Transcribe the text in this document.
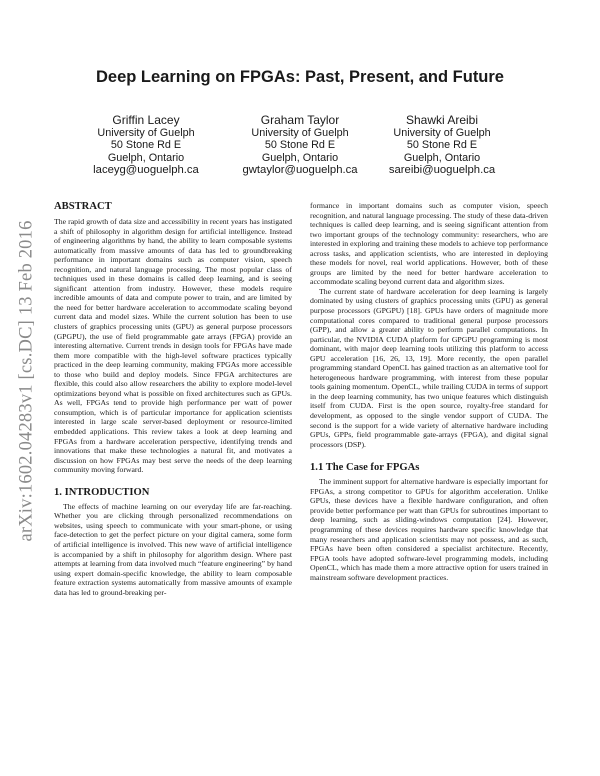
arXiv:1602.04283v1 [cs.DC] 13 Feb 2016
Deep Learning on FPGAs: Past, Present, and Future
Griffin Lacey
University of Guelph
50 Stone Rd E
Guelph, Ontario
laceyg@uoguelph.ca
Graham Taylor
University of Guelph
50 Stone Rd E
Guelph, Ontario
gwtaylor@uoguelph.ca
Shawki Areibi
University of Guelph
50 Stone Rd E
Guelph, Ontario
sareibi@uoguelph.ca
ABSTRACT

The rapid growth of data size and accessibility in recent years has instigated a shift of philosophy in algorithm design for artificial intelligence. Instead of engineering algorithms by hand, the ability to learn composable systems automatically from massive amounts of data has led to groundbreaking performance in important domains such as computer vision, speech recognition, and natural language processing. The most popular class of techniques used in these domains is called deep learning, and is seeing significant attention from industry. However, these models require incredible amounts of data and compute power to train, and are limited by the need for better hardware acceleration to accommodate scaling beyond current data and model sizes. While the current solution has been to use clusters of graphics processing units (GPU) as general purpose processors (GPGPU), the use of field programmable gate arrays (FPGA) provide an interesting alternative. Current trends in design tools for FPGAs have made them more compatible with the high-level software practices typically practiced in the deep learning community, making FPGAs more accessible to those who build and deploy models. Since FPGA architectures are flexible, this could also allow researchers the ability to explore model-level optimizations beyond what is possible on fixed architectures such as GPUs. As well, FPGAs tend to provide high performance per watt of power consumption, which is of particular importance for application scientists interested in large scale server-based deployment or resource-limited embedded applications. This review takes a look at deep learning and FPGAs from a hardware acceleration perspective, identifying trends and innovations that make these technologies a natural fit, and motivates a discussion on how FPGAs may best serve the needs of the deep learning community moving forward.

1. INTRODUCTION

The effects of machine learning on our everyday life are far-reaching. Whether you are clicking through personalized recommendations on websites, using speech to communicate with your smart-phone, or using face-detection to get the perfect picture on your digital camera, some form of artificial intelligence is involved. This new wave of artificial intelligence is accompanied by a shift in philosophy for algorithm design. Where past attempts at learning from data involved much “feature engineering” by hand using expert domain-specific knowledge, the ability to learn composable feature extraction systems automatically from massive amounts of example data has led to ground-breaking per-

formance in important domains such as computer vision, speech recognition, and natural language processing. The study of these data-driven techniques is called deep learning, and is seeing significant attention from two important groups of the technology community: researchers, who are interested in exploring and training these models to achieve top performance across tasks, and application scientists, who are interested in deploying these models for novel, real world applications. However, both of these groups are limited by the need for better hardware acceleration to accommodate scaling beyond current data and algorithm sizes.

The current state of hardware acceleration for deep learning is largely dominated by using clusters of graphics processing units (GPU) as general purpose processors (GPGPU) [18]. GPUs have orders of magnitude more computational cores compared to traditional general purpose processors (GPP), and allow a greater ability to perform parallel computations. In particular, the NVIDIA CUDA platform for GPGPU programming is most dominant, with major deep learning tools utilizing this platform to access GPU acceleration [16, 26, 13, 19]. More recently, the open parallel programming standard OpenCL has gained traction as an alternative tool for heterogeneous hardware programming, with interest from these popular tools gaining momentum. OpenCL, while trailing CUDA in terms of support in the deep learning community, has two unique features which distinguish itself from CUDA. First is the open source, royalty-free standard for development, as opposed to the single vendor support of CUDA. The second is the support for a wide variety of alternative hardware including GPUs, GPPs, field programmable gate-arrays (FPGA), and digital signal processors (DSP).

1.1 The Case for FPGAs

The imminent support for alternative hardware is especially important for FPGAs, a strong competitor to GPUs for algorithm acceleration. Unlike GPUs, these devices have a flexible hardware configuration, and often provide better performance per watt than GPUs for subroutines important to deep learning, such as sliding-windows computation [24]. However, programming of these devices requires hardware specific knowledge that many researchers and application scientists may not possess, and as such, FPGAs have been often considered a specialist architecture. Recently, FPGA tools have adopted software-level programming models, including OpenCL, which has made them a more attractive option for users trained in mainstream software development practices.
